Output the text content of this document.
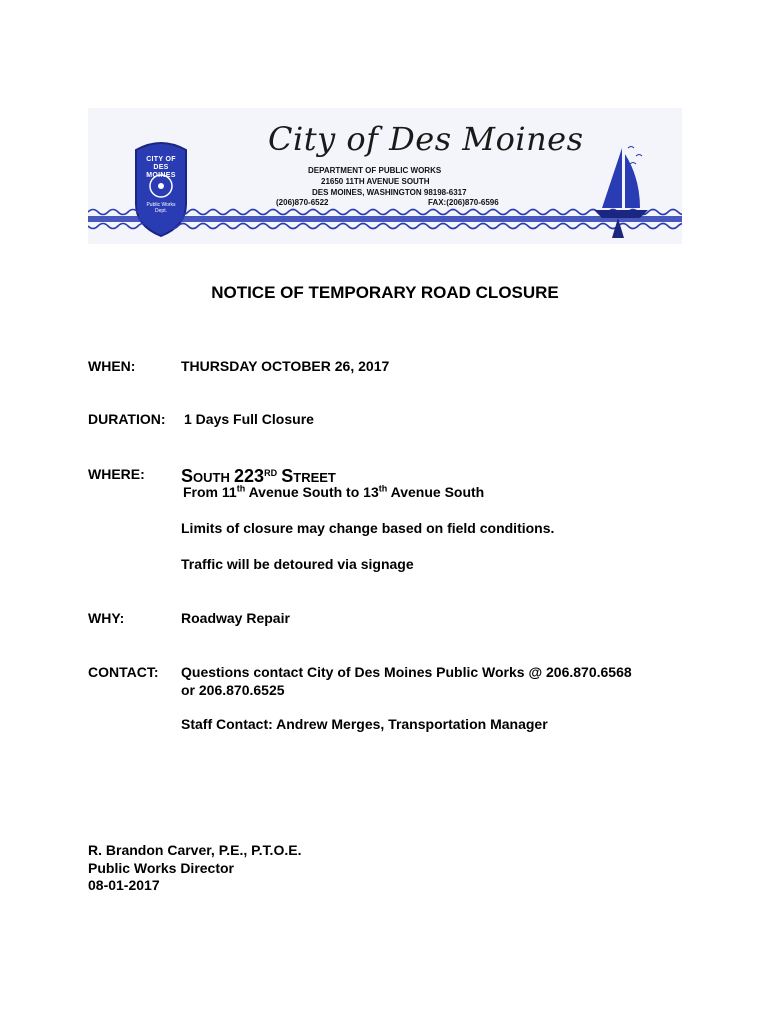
City of Des Moines
DEPARTMENT OF PUBLIC WORKS
21650 11TH AVENUE SOUTH
DES MOINES, WASHINGTON 98198-6317
(206)870-6522	FAX:(206)870-6596
CITY OF
DES MOINES
Public Works Dept.
NOTICE OF TEMPORARY ROAD CLOSURE
WHEN:	THURSDAY OCTOBER 26, 2017
DURATION: 1 Days Full Closure
WHERE: SOUTH 223RD STREET
From 11th Avenue South to 13th Avenue South
Limits of closure may change based on field conditions.
Traffic will be detoured via signage
WHY:	Roadway Repair
CONTACT: Questions contact City of Des Moines Public Works @ 206.870.6568
or 206.870.6525
Staff Contact: Andrew Merges, Transportation Manager
R. Brandon Carver, P.E., P.T.O.E.
Public Works Director
08-01-2017
